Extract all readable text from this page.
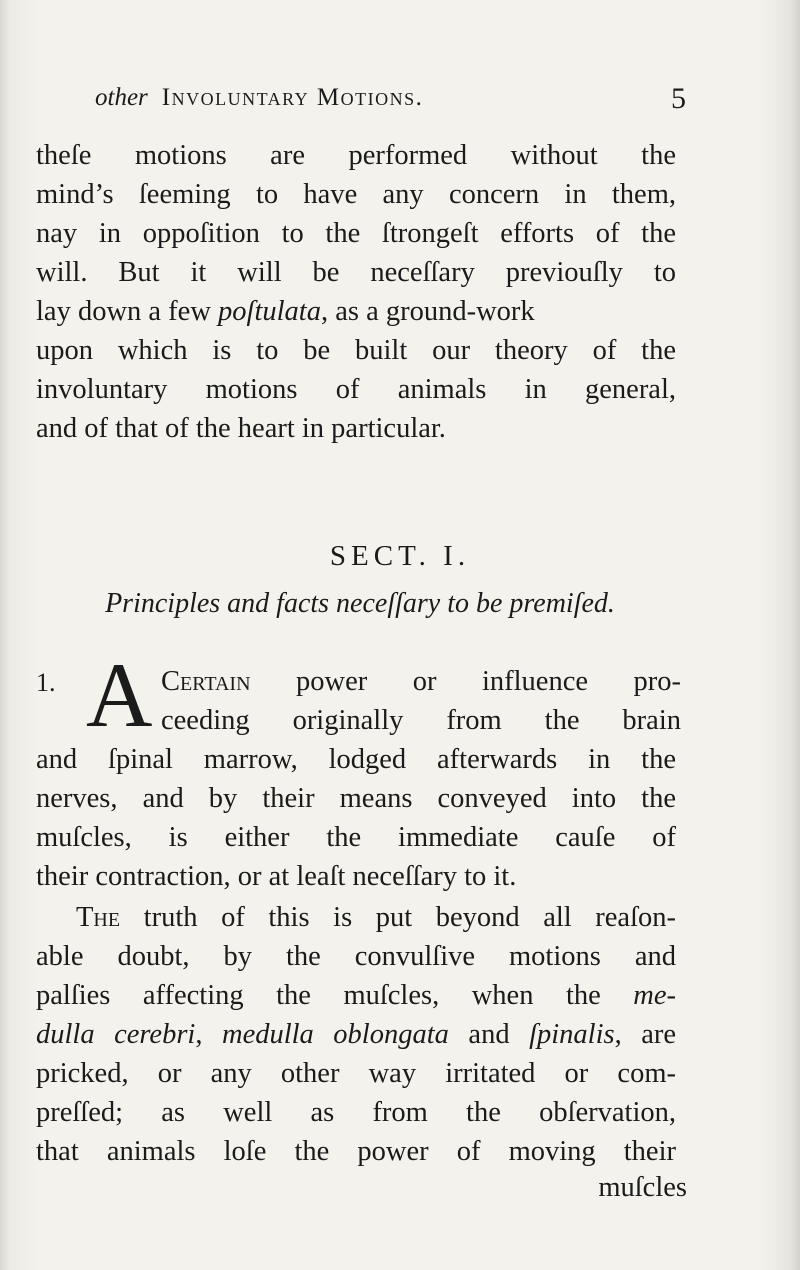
other Involuntary Motions.	5
theſe motions are performed without the
mind’s ſeeming to have any concern in them,
nay in oppoſition to the ſtrongeſt efforts of the
will. But it will be neceſſary previouſly to
lay down a few poſtulata, as a ground-work
upon which is to be built our theory of the
involuntary motions of animals in general,
and of that of the heart in particular.
SECT. I.
Principles and facts neceſſary to be premiſed.
1. A Certain power or influence pro-
ceeding originally from the brain
and ſpinal marrow, lodged afterwards in the
nerves, and by their means conveyed into the
muſcles, is either the immediate cauſe of
their contraction, or at leaſt neceſſary to it.
The truth of this is put beyond all reaſon-
able doubt, by the convulſive motions and
palſies affecting the muſcles, when the me-
dulla cerebri, medulla oblongata and ſpinalis, are
pricked, or any other way irritated or com-
preſſed; as well as from the obſervation,
that animals loſe the power of moving their
muſcles
